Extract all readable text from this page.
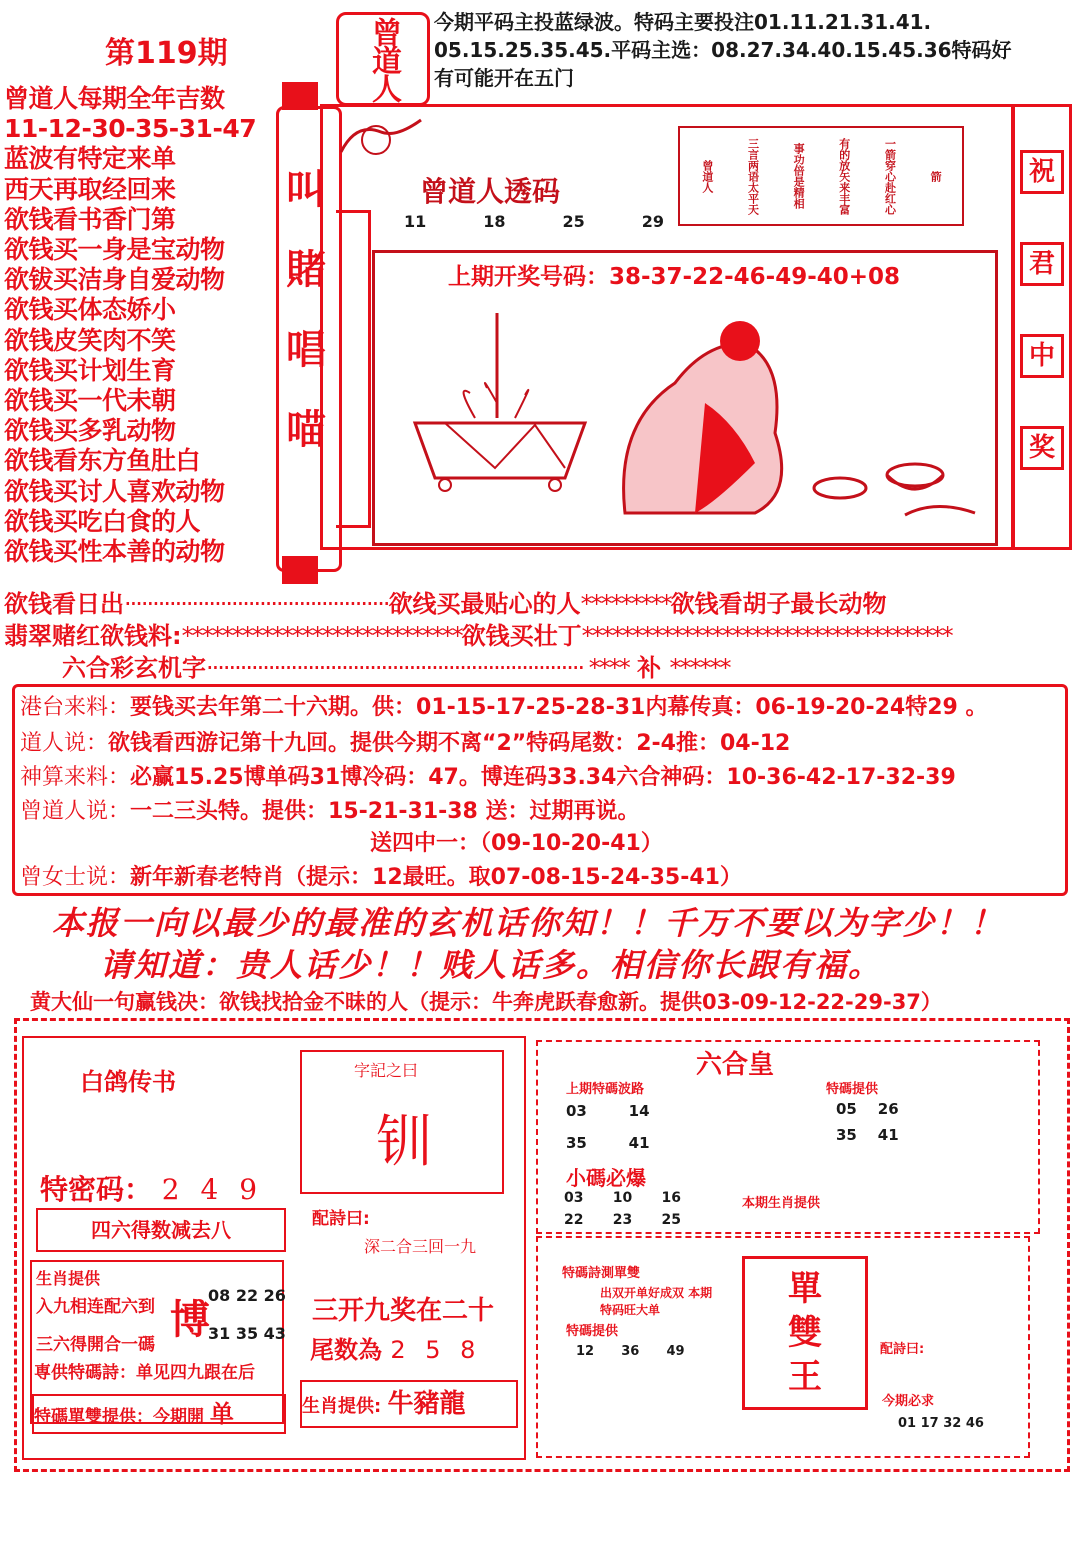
第119期	曾道人	今期平码主投蓝绿波。特码主要投注01.11.21.31.41.
05.15.25.35.45.平码主选：08.27.34.40.15.45.36特码好
有可能开在五门
曾道人每期全年吉数
11-12-30-35-31-47
蓝波有特定来单
西天再取经回来
欲钱看书香门第
欲钱买一身是宝动物
欲钹买洁身自爱动物
欲钱买体态娇小
欲钱皮笑肉不笑
欲钱买计划生育
欲钱买一代未朝
欲钱买多乳动物
欲钱看东方鱼肚白
欲钱买讨人喜欢动物
欲钱买吃白食的人
欲钱买性本善的动物
叫
賭
唱
喵
曾道人透码
11	18	25	29
箭
一箭穿心赴红心
有的放矢来丰富
事功倍是精相
三言两语太平天
曾道人
上期开奖号码：38-37-22-46-49-40+08
祝
君
中
奖
欲钱看日出···············································欲线买最贴心的人*********欲钱看胡子最长动物
翡翠赌红欲钱料:****************************欲钱买壮丁*************************************
六合彩玄机字··································································· **** 补 ******
港台来料：要钱买去年第二十六期。供：01-15-17-25-28-31内幕传真：06-19-20-24特29 。
道人说：欲钱看西游记第十九回。提供今期不离“2”特码尾数：2-4推：04-12
神算来料：必赢15.25博单码31博冷码：47。博连码33.34六合神码：10-36-42-17-32-39
曾道人说：一二三头特。提供：15-21-31-38 送：过期再说。
送四中一：（09-10-20-41）
曾女士说：新年新春老特肖（提示：12最旺。取07-08-15-24-35-41）
本报一向以最少的最准的玄机话你知！！千万不要以为字少！！
请知道：贵人话少！！贱人话多。相信你长跟有福。
黄大仙一句赢钱决：欲钱找拾金不昧的人（提示：牛奔虎跃春愈新。提供03-09-12-22-29-37）
白鸽传书
特密码： 2 4 9
四六得数减去八
生肖提供
入九相连配六到
三六得開合一碼
博
08 22 26
31 35 43
専供特碼詩：单见四九跟在后
特碼單雙提供：今期開 单
字記之曰
钏
配詩曰:
深二合三回一九
三开九奖在二十
尾数為 2 5 8
生肖提供: 牛豬龍
六合皇
上期特碼波路
03	14
35	41
特碼提供
05 26
35 41
小碼必爆
03 10 16
22 23 25
本期生肖提供
特碼詩測單雙
出双开单好成双 本期特码旺大单
特碼提供
12 36 49
單
雙
王
配詩曰:
今期必求
01 17 32 46
